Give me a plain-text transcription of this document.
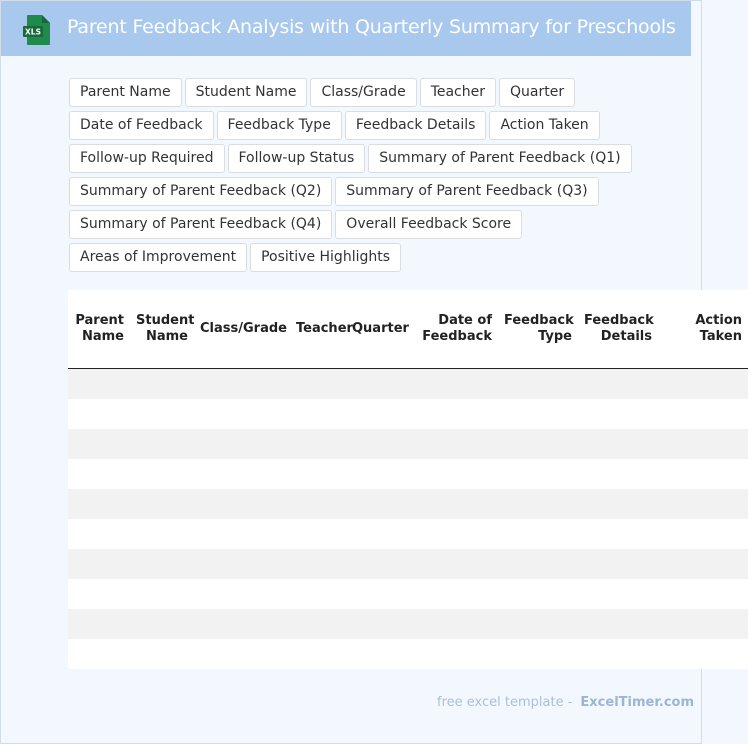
XLS Parent Feedback Analysis with Quarterly Summary for Preschools
Parent Name	Student Name	Class/Grade	Teacher	Quarter
Date of Feedback	Feedback Type	Feedback Details	Action Taken
Follow-up Required	Follow-up Status	Summary of Parent Feedback (Q1)
Summary of Parent Feedback (Q2)	Summary of Parent Feedback (Q3)
Summary of Parent Feedback (Q4)	Overall Feedback Score
Areas of Improvement	Positive Highlights
Parent Name	Student Name	Class/Grade	Teacher	Quarter	Date of Feedback	Feedback Type	Feedback Details	Action Taken

free excel template - ExcelTimer.com
